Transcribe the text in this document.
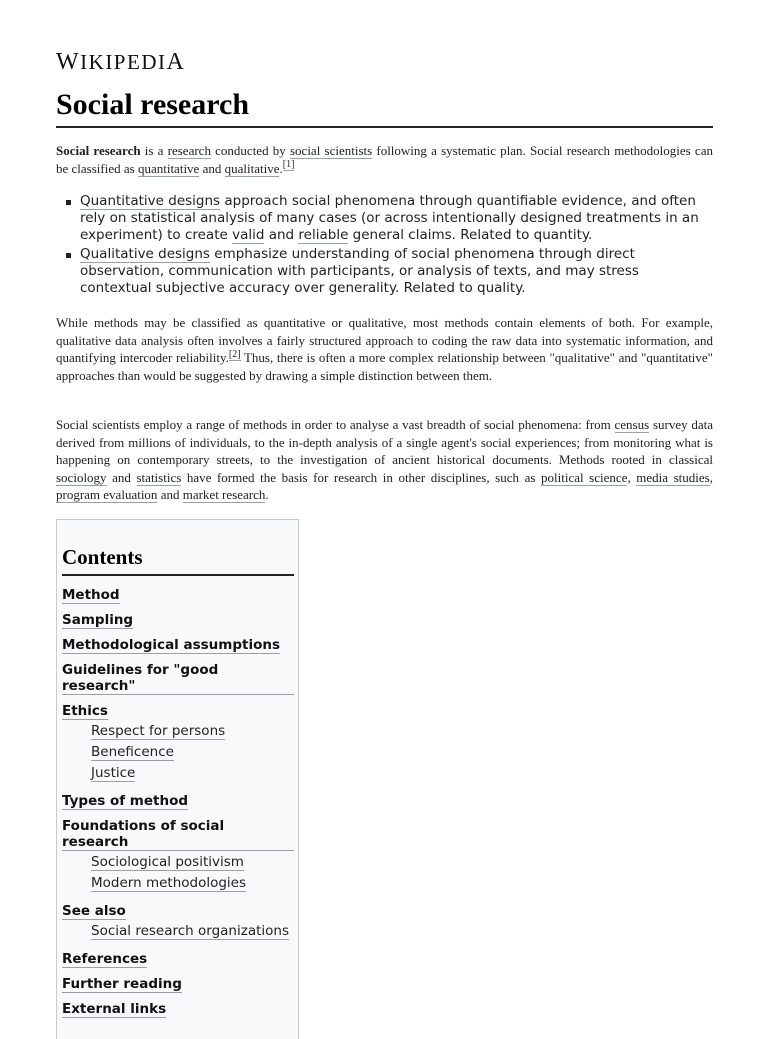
WIKIPEDIA
Social research

Social research is a research conducted by social scientists following a systematic plan. Social research methodologies can be classified as quantitative and qualitative.[1]

Quantitative designs approach social phenomena through quantifiable evidence, and often rely on statistical analysis of many cases (or across intentionally designed treatments in an experiment) to create valid and reliable general claims. Related to quantity.
Qualitative designs emphasize understanding of social phenomena through direct observation, communication with participants, or analysis of texts, and may stress contextual subjective accuracy over generality. Related to quality.

While methods may be classified as quantitative or qualitative, most methods contain elements of both. For example, qualitative data analysis often involves a fairly structured approach to coding the raw data into systematic information, and quantifying intercoder reliability.[2] Thus, there is often a more complex relationship between "qualitative" and "quantitative" approaches than would be suggested by drawing a simple distinction between them.

Social scientists employ a range of methods in order to analyse a vast breadth of social phenomena: from census survey data derived from millions of individuals, to the in-depth analysis of a single agent's social experiences; from monitoring what is happening on contemporary streets, to the investigation of ancient historical documents. Methods rooted in classical sociology and statistics have formed the basis for research in other disciplines, such as political science, media studies, program evaluation and market research.

Contents
Method
Sampling
Methodological assumptions
Guidelines for "good research"
Ethics
Respect for persons
Beneficence
Justice
Types of method
Foundations of social research
Sociological positivism
Modern methodologies
See also
Social research organizations
References
Further reading
External links
